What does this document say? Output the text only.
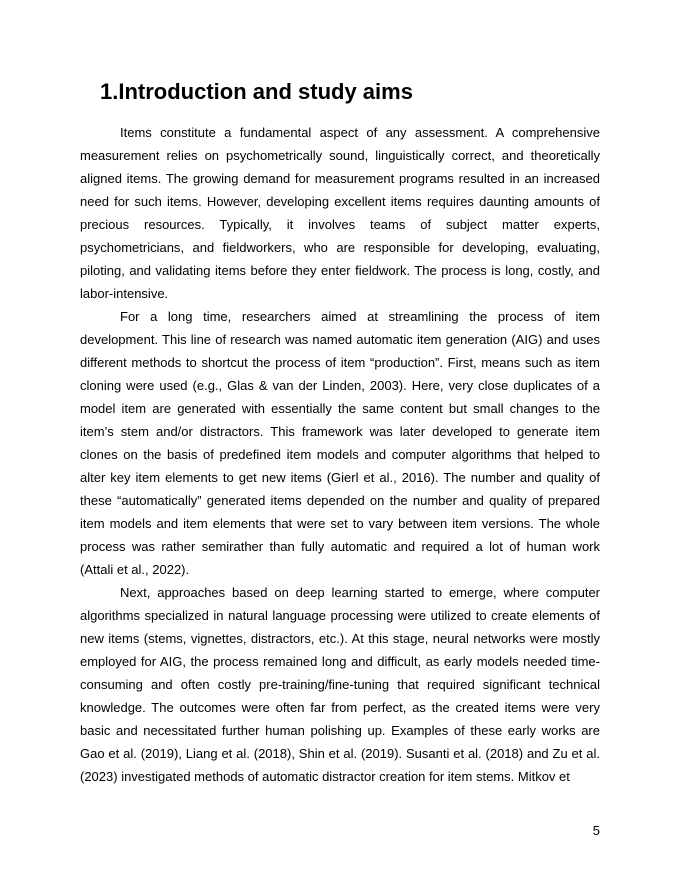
1.Introduction and study aims

Items constitute a fundamental aspect of any assessment. A comprehensive measurement relies on psychometrically sound, linguistically correct, and theoretically aligned items. The growing demand for measurement programs resulted in an increased need for such items. However, developing excellent items requires daunting amounts of precious resources. Typically, it involves teams of subject matter experts, psychometricians, and fieldworkers, who are responsible for developing, evaluating, piloting, and validating items before they enter fieldwork. The process is long, costly, and labor-intensive.

For a long time, researchers aimed at streamlining the process of item development. This line of research was named automatic item generation (AIG) and uses different methods to shortcut the process of item “production”. First, means such as item cloning were used (e.g., Glas & van der Linden, 2003). Here, very close duplicates of a model item are generated with essentially the same content but small changes to the item’s stem and/or distractors. This framework was later developed to generate item clones on the basis of predefined item models and computer algorithms that helped to alter key item elements to get new items (Gierl et al., 2016). The number and quality of these “automatically” generated items depended on the number and quality of prepared item models and item elements that were set to vary between item versions. The whole process was rather semirather than fully automatic and required a lot of human work (Attali et al., 2022).

Next, approaches based on deep learning started to emerge, where computer algorithms specialized in natural language processing were utilized to create elements of new items (stems, vignettes, distractors, etc.). At this stage, neural networks were mostly employed for AIG, the process remained long and difficult, as early models needed time-consuming and often costly pre-training/fine-tuning that required significant technical knowledge. The outcomes were often far from perfect, as the created items were very basic and necessitated further human polishing up. Examples of these early works are Gao et al. (2019), Liang et al. (2018), Shin et al. (2019). Susanti et al. (2018) and Zu et al. (2023) investigated methods of automatic distractor creation for item stems. Mitkov et

5
